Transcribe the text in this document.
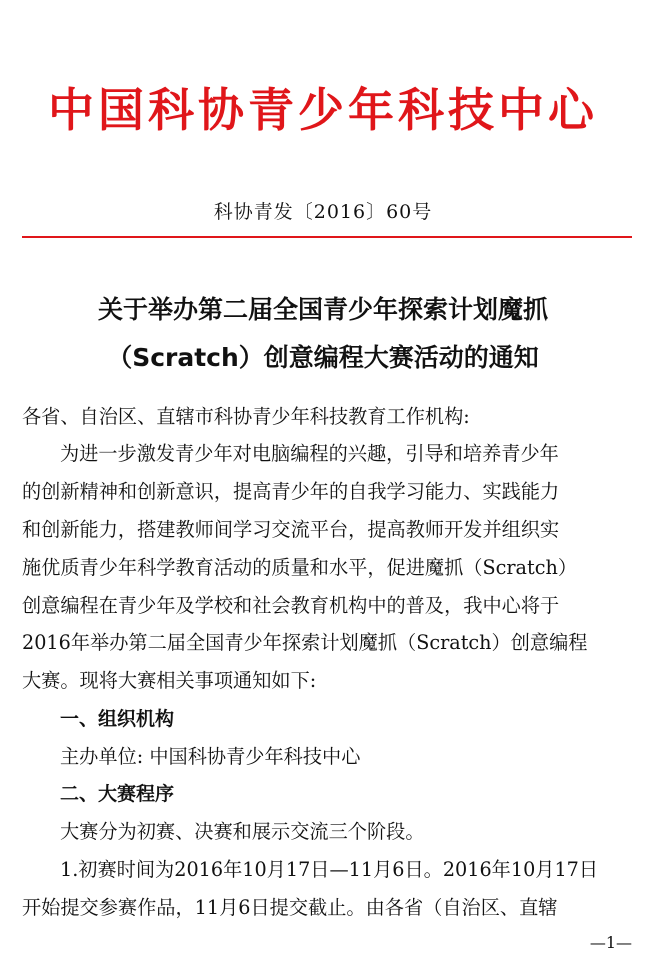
中国科协青少年科技中心
科协青发〔2016〕60号
关于举办第二届全国青少年探索计划魔抓
（Scratch）创意编程大赛活动的通知
各省、自治区、直辖市科协青少年科技教育工作机构:
为进一步激发青少年对电脑编程的兴趣，引导和培养青少年
的创新精神和创新意识，提高青少年的自我学习能力、实践能力
和创新能力，搭建教师间学习交流平台，提高教师开发并组织实
施优质青少年科学教育活动的质量和水平，促进魔抓（Scratch）
创意编程在青少年及学校和社会教育机构中的普及，我中心将于
2016年举办第二届全国青少年探索计划魔抓（Scratch）创意编程
大赛。现将大赛相关事项通知如下:
一、组织机构
主办单位: 中国科协青少年科技中心
二、大赛程序
大赛分为初赛、决赛和展示交流三个阶段。
1.初赛时间为2016年10月17日—11月6日。2016年10月17日
开始提交参赛作品，11月6日提交截止。由各省（自治区、直辖
—1—
